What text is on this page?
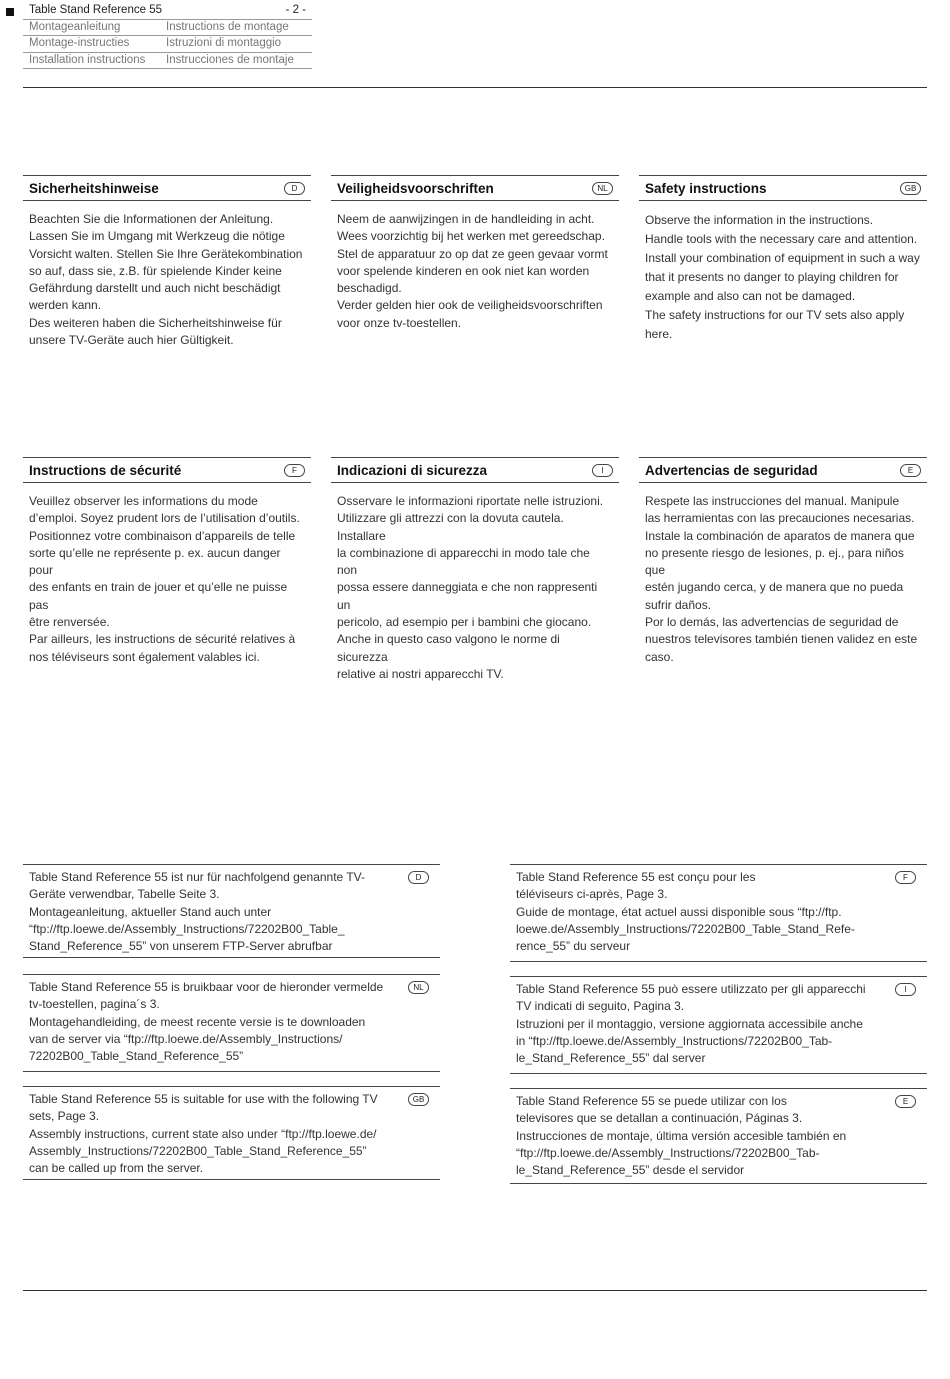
Table Stand Reference 55	- 2 -
Montageanleitung	Instructions de montage
Montage-instructies	Istruzioni di montaggio
Installation instructions	Instrucciones de montaje
Sicherheitshinweise	D

Beachten Sie die Informationen der Anleitung.

Lassen Sie im Umgang mit Werkzeug die nötige

Vorsicht walten. Stellen Sie Ihre Gerätekombination

so auf, dass sie, z.B. für spielende Kinder keine

Gefährdung darstellt und auch nicht beschädigt

werden kann.

Des weiteren haben die Sicherheitshinweise für

unsere TV-Geräte auch hier Gültigkeit.

Veiligheidsvoorschriften	NL

Neem de aanwijzingen in de handleiding in acht.

Wees voorzichtig bij het werken met gereedschap.

Stel de apparatuur zo op dat ze geen gevaar vormt

voor spelende kinderen en ook niet kan worden

beschadigd.

Verder gelden hier ook de veiligheidsvoorschriften

voor onze tv-toestellen.

Safety instructions	GB

Observe the information in the instructions.

Handle tools with the necessary care and attention.

Install your combination of equipment in such a way

that it presents no danger to playing children for

example and also can not be damaged.

The safety instructions for our TV sets also apply

here.

Instructions de sécurité	F

Veuillez observer les informations du mode

d’emploi. Soyez prudent lors de l’utilisation d’outils.

Positionnez votre combinaison d’appareils de telle

sorte qu’elle ne représente p. ex. aucun danger pour

des enfants en train de jouer et qu’elle ne puisse pas

être renversée.

Par ailleurs, les instructions de sécurité relatives à

nos téléviseurs sont également valables ici.

Indicazioni di sicurezza	I

Osservare le informazioni riportate nelle istruzioni.

Utilizzare gli attrezzi con la dovuta cautela. Installare

la combinazione di apparecchi in modo tale che non

possa essere danneggiata e che non rappresenti un

pericolo, ad esempio per i bambini che giocano.

Anche in questo caso valgono le norme di sicurezza

relative ai nostri apparecchi TV.

Advertencias de seguridad	E

Respete las instrucciones del manual. Manipule

las herramientas con las precauciones necesarias.

Instale la combinación de aparatos de manera que

no presente riesgo de lesiones, p. ej., para niños que

estén jugando cerca, y de manera que no pueda

sufrir daños.

Por lo demás, las advertencias de seguridad de

nuestros televisores también tienen validez en este

caso.

Table Stand Reference 55 ist nur für nachfolgend genannte TV-

Geräte verwendbar, Tabelle Seite 3.

Montageanleitung, aktueller Stand auch unter

“ftp://ftp.loewe.de/Assembly_Instructions/72202B00_Table_

Stand_Reference_55” von unserem FTP-Server abrufbar

D

Table Stand Reference 55 is bruikbaar voor de hieronder vermelde

tv-toestellen, pagina´s 3.

Montagehandleiding, de meest recente versie is te downloaden

van de server via “ftp://ftp.loewe.de/Assembly_Instructions/

72202B00_Table_Stand_Reference_55”

NL

Table Stand Reference 55 is suitable for use with the following TV

sets, Page 3.

Assembly instructions, current state also under “ftp://ftp.loewe.de/

Assembly_Instructions/72202B00_Table_Stand_Reference_55”

can be called up from the server.

GB

Table Stand Reference 55 est conçu pour les

téléviseurs ci-après, Page 3.

Guide de montage, état actuel aussi disponible sous “ftp://ftp.

loewe.de/Assembly_Instructions/72202B00_Table_Stand_Refe-

rence_55” du serveur

F

Table Stand Reference 55 può essere utilizzato per gli apparecchi

TV indicati di seguito, Pagina 3.

Istruzioni per il montaggio, versione aggiornata accessibile anche

in “ftp://ftp.loewe.de/Assembly_Instructions/72202B00_Tab-

le_Stand_Reference_55” dal server

I

Table Stand Reference 55 se puede utilizar con los

televisores que se detallan a continuación, Páginas 3.

Instrucciones de montaje, última versión accesible también en

“ftp://ftp.loewe.de/Assembly_Instructions/72202B00_Tab-

le_Stand_Reference_55” desde el servidor

E
